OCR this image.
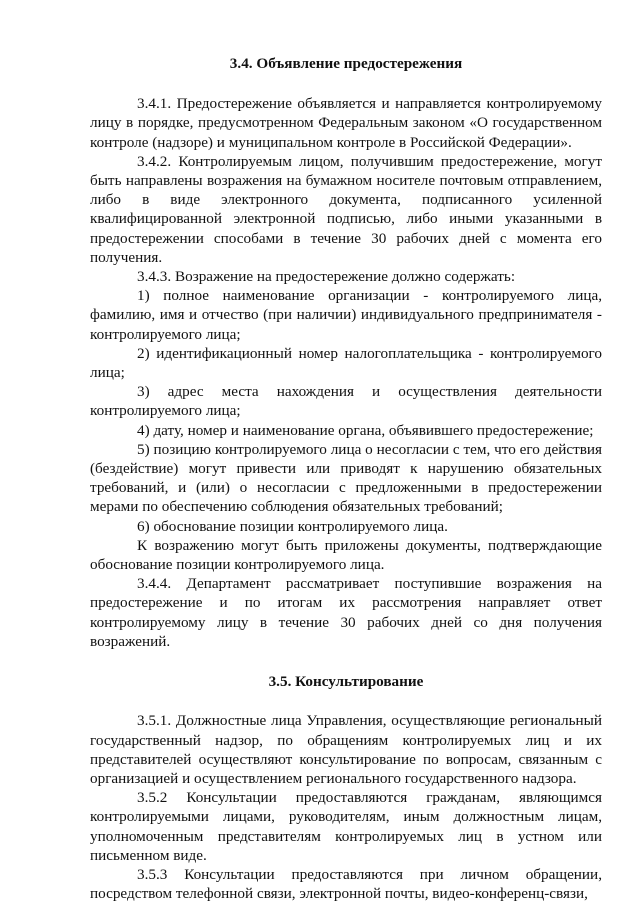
3.4. Объявление предостережения

3.4.1. Предостережение объявляется и направляется контролируемому лицу в порядке, предусмотренном Федеральным законом «О государственном контроле (надзоре) и муниципальном контроле в Российской Федерации».

3.4.2. Контролируемым лицом, получившим предостережение, могут быть направлены возражения на бумажном носителе почтовым отправлением, либо в виде электронного документа, подписанного усиленной квалифицированной электронной подписью, либо иными указанными в предостережении способами в течение 30 рабочих дней с момента его получения.

3.4.3. Возражение на предостережение должно содержать:

1) полное наименование организации - контролируемого лица, фамилию, имя и отчество (при наличии) индивидуального предпринимателя - контролируемого лица;

2) идентификационный номер налогоплательщика - контролируемого лица;

3) адрес места нахождения и осуществления деятельности контролируемого лица;

4) дату, номер и наименование органа, объявившего предостережение;

5) позицию контролируемого лица о несогласии с тем, что его действия (бездействие) могут привести или приводят к нарушению обязательных требований, и (или) о несогласии с предложенными в предостережении мерами по обеспечению соблюдения обязательных требований;

6) обоснование позиции контролируемого лица.

К возражению могут быть приложены документы, подтверждающие обоснование позиции контролируемого лица.

3.4.4. Департамент рассматривает поступившие возражения на предостережение и по итогам их рассмотрения направляет ответ контролируемому лицу в течение 30 рабочих дней со дня получения возражений.

3.5. Консультирование

3.5.1. Должностные лица Управления, осуществляющие региональный государственный надзор, по обращениям контролируемых лиц и их представителей осуществляют консультирование по вопросам, связанным с организацией и осуществлением регионального государственного надзора.

3.5.2 Консультации предоставляются гражданам, являющимся контролируемыми лицами, руководителям, иным должностным лицам, уполномоченным представителям контролируемых лиц в устном или письменном виде.

3.5.3 Консультации предоставляются при личном обращении, посредством телефонной связи, электронной почты, видео-конференц-связи,
